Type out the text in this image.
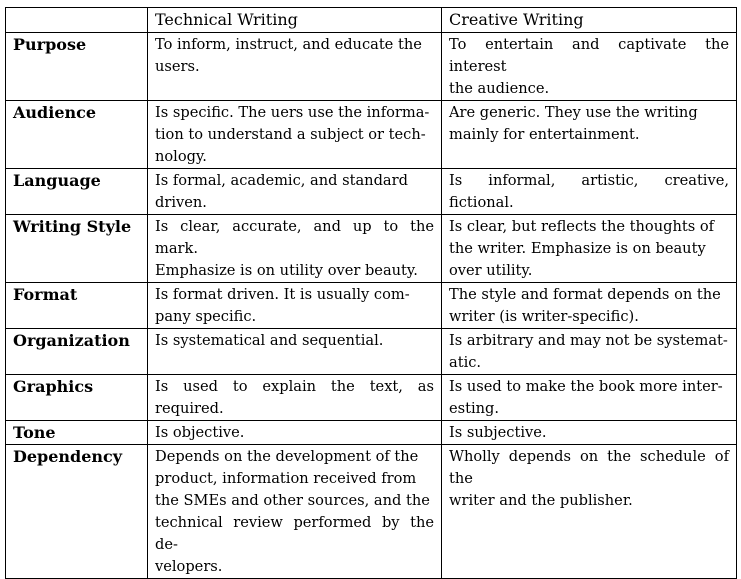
	Technical Writing	Creative Writing
Purpose	To inform, instruct, and educate the
users.	To entertain and captivate the interest
the audience.

Audience	Is specific. The uers use the informa-
tion to understand a subject or tech-
nology.	Are generic. They use the writing
mainly for entertainment.

Language	Is formal, academic, and standard
driven.	Is informal, artistic, creative, fictional.

Writing Style	Is clear, accurate, and up to the mark.
Emphasize is on utility over beauty.	Is clear, but reflects the thoughts of
the writer. Emphasize is on beauty
over utility.

Format	Is format driven. It is usually com-
pany specific.	The style and format depends on the
writer (is writer-specific).

Organization	Is systematical and sequential.	Is arbitrary and may not be systemat-
atic.

Graphics	Is used to explain the text, as required.	Is used to make the book more inter-
esting.

Tone	Is objective.	Is subjective.

Dependency	Depends on the development of the
product, information received from
the SMEs and other sources, and the
technical review performed by the de-
velopers.	Wholly depends on the schedule of the
writer and the publisher.
